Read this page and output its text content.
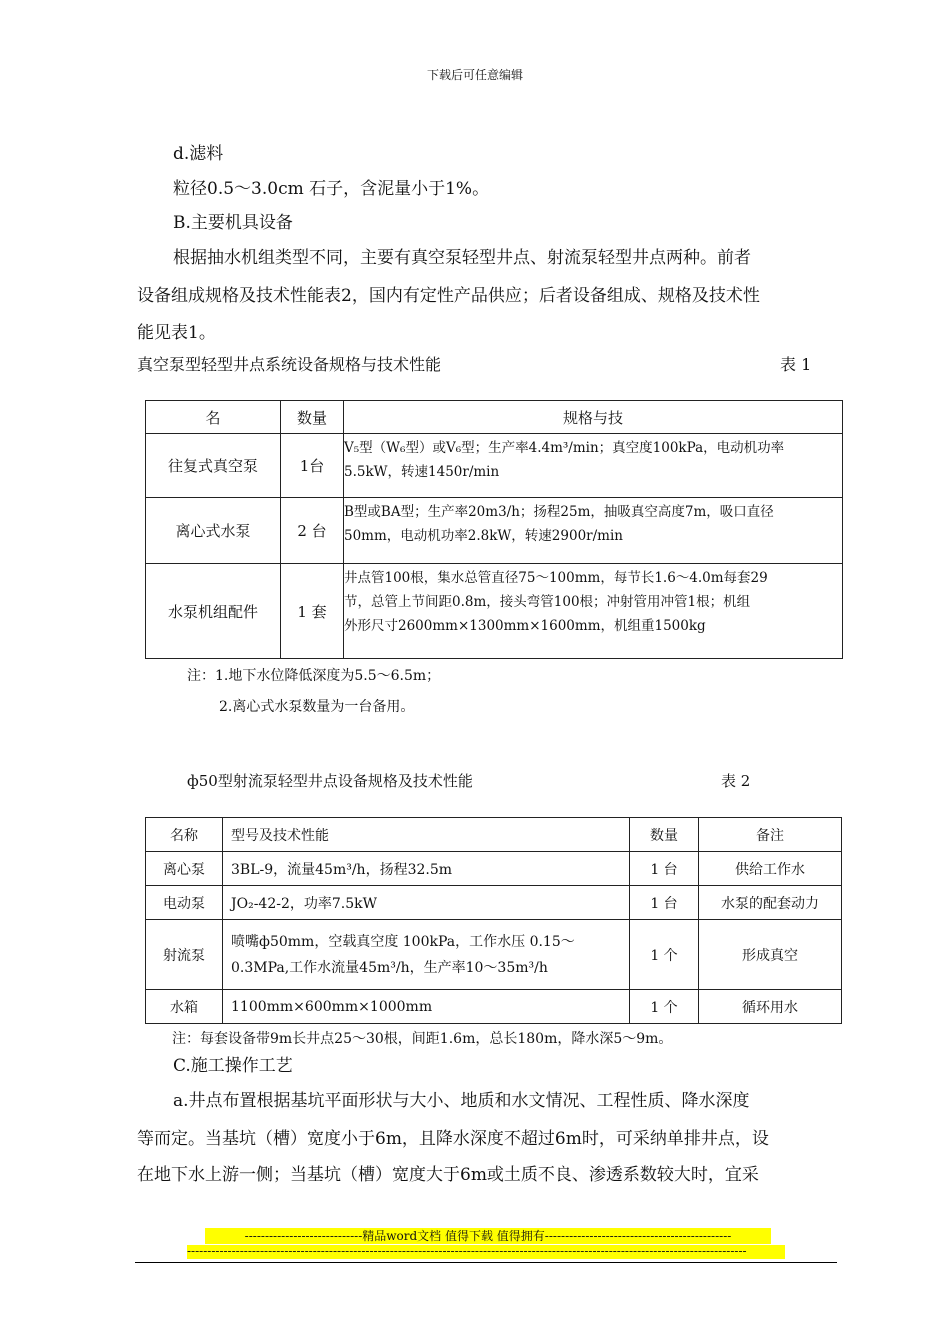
下载后可任意编辑
d.滤料
粒径0.5～3.0cm 石子，含泥量小于1%。
B.主要机具设备
根据抽水机组类型不同，主要有真空泵轻型井点、射流泵轻型井点两种。前者
设备组成规格及技术性能表2，国内有定性产品供应；后者设备组成、规格及技术性
能见表1。
真空泵型轻型井点系统设备规格与技术性能	表 1
名	数量	规格与技
往复式真空泵	1台	V₅型（W₆型）或V₆型；生产率4.4m³/min；真空度100kPa，电动机功率
5.5kW，转速1450r/min

离心式水泵	2 台	B型或BA型；生产率20m3/h；扬程25m，抽吸真空高度7m，吸口直径
50mm，电动机功率2.8kW，转速2900r/min

水泵机组配件	1 套	井点管100根，集水总管直径75～100mm，每节长1.6～4.0m每套29
节，总管上节间距0.8m，接头弯管100根；冲射管用冲管1根；机组
外形尺寸2600mm×1300mm×1600mm，机组重1500kg
注：1.地下水位降低深度为5.5～6.5m；
2.离心式水泵数量为一台备用。
ф50型射流泵轻型井点设备规格及技术性能	表 2
名称	型号及技术性能	数量	备注
离心泵	3BL-9，流量45m³/h，扬程32.5m	1 台	供给工作水
电动泵	JO₂-42-2，功率7.5kW	1 台	水泵的配套动力
射流泵	喷嘴ф50mm，空载真空度 100kPa，工作水压 0.15～
0.3MPa,工作水流量45m³/h，生产率10～35m³/h	1 个	形成真空
水箱	1100mm×600mm×1000mm	1 个	循环用水
注：每套设备带9m长井点25～30根，间距1.6m，总长180m，降水深5～9m。
C.施工操作工艺
a.井点布置根据基坑平面形状与大小、地质和水文情况、工程性质、降水深度
等而定。当基坑（槽）宽度小于6m，且降水深度不超过6m时，可采纳单排井点，设
在地下水上游一侧；当基坑（槽）宽度大于6m或土质不良、渗透系数较大时，宜采
-----------------------------精品word文档 值得下载 值得拥有----------------------------------------------
------------------------------------------------------------------------------------------------------------------------------------------
